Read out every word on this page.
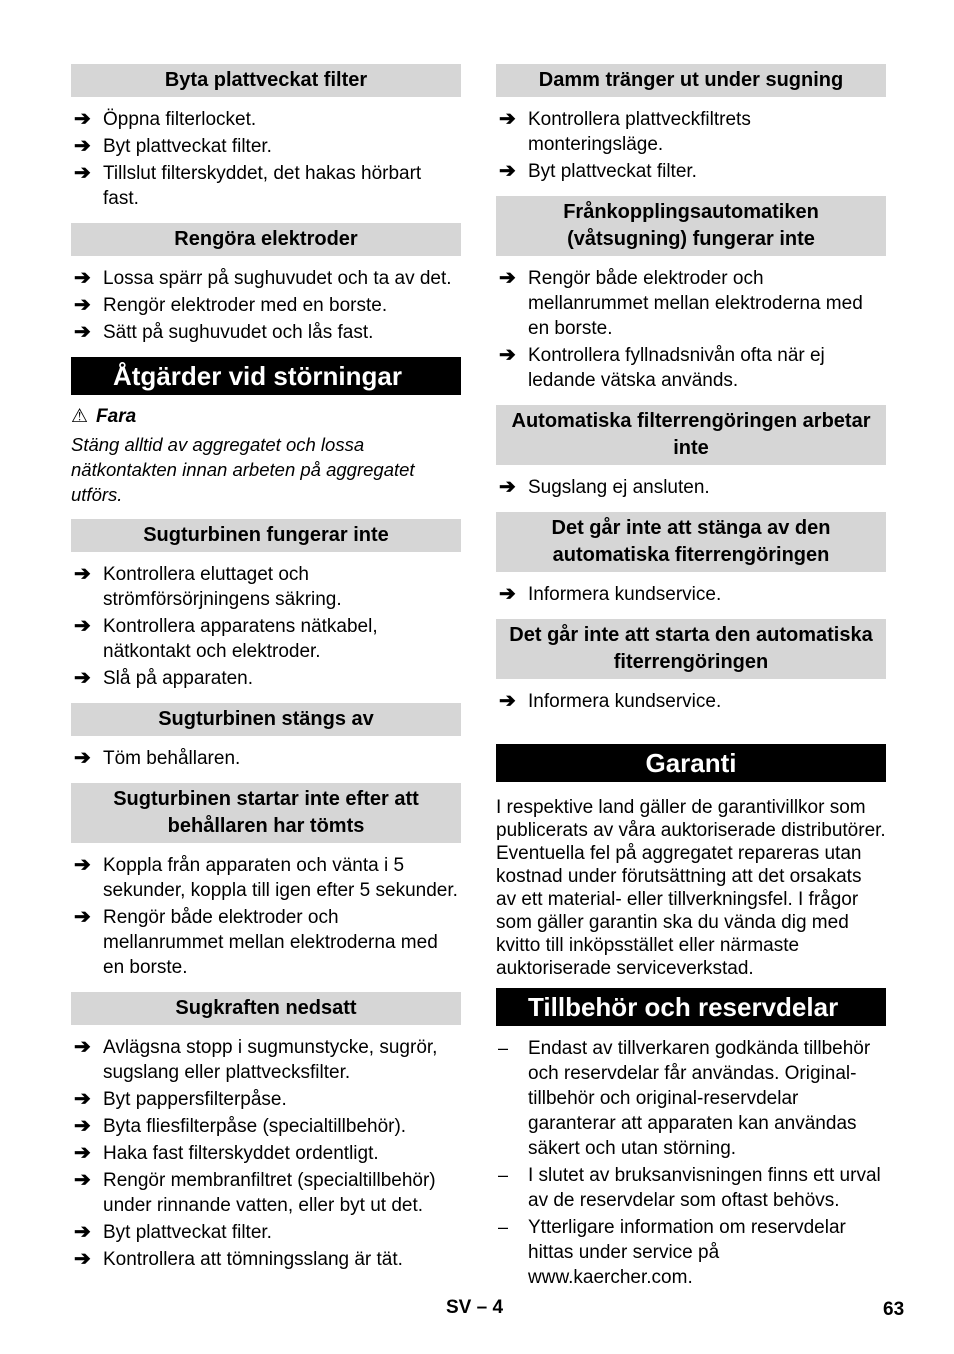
Byta plattveckat filter
➔ Öppna filterlocket.
➔ Byt plattveckat filter.
➔ Tillslut filterskyddet, det hakas hörbart fast.
Rengöra elektroder
➔ Lossa spärr på sughuvudet och ta av det.
➔ Rengör elektroder med en borste.
➔ Sätt på sughuvudet och lås fast.
Åtgärder vid störningar
⚠ Fara
Stäng alltid av aggregatet och lossa nätkontakten innan arbeten på aggregatet utförs.
Sugturbinen fungerar inte
➔ Kontrollera eluttaget och strömförsörjningens säkring.
➔ Kontrollera apparatens nätkabel, nätkontakt och elektroder.
➔ Slå på apparaten.
Sugturbinen stängs av
➔ Töm behållaren.
Sugturbinen startar inte efter att behållaren har tömts
➔ Koppla från apparaten och vänta i 5 sekunder, koppla till igen efter 5 sekunder.
➔ Rengör både elektroder och mellanrummet mellan elektroderna med en borste.
Sugkraften nedsatt
➔ Avlägsna stopp i sugmunstycke, sugrör, sugslang eller plattvecksfilter.
➔ Byt pappersfilterpåse.
➔ Byta fliesfilterpåse (specialtillbehör).
➔ Haka fast filterskyddet ordentligt.
➔ Rengör membranfiltret (specialtillbehör) under rinnande vatten, eller byt ut det.
➔ Byt plattveckat filter.
➔ Kontrollera att tömningsslang är tät.
Damm tränger ut under sugning
➔ Kontrollera plattveckfiltrets monteringsläge.
➔ Byt plattveckat filter.
Frånkopplingsautomatiken (våtsugning) fungerar inte
➔ Rengör både elektroder och mellanrummet mellan elektroderna med en borste.
➔ Kontrollera fyllnadsnivån ofta när ej ledande vätska används.
Automatiska filterrengöringen arbetar inte
➔ Sugslang ej ansluten.
Det går inte att stänga av den automatiska fiterrengöringen
➔ Informera kundservice.
Det går inte att starta den automatiska fiterrengöringen
➔ Informera kundservice.
Garanti
I respektive land gäller de garantivillkor som publicerats av våra auktoriserade distributörer. Eventuella fel på aggregatet repareras utan kostnad under förutsättning att det orsakats av ett material- eller tillverkningsfel. I frågor som gäller garantin ska du vända dig med kvitto till inköpsstället eller närmaste auktoriserade serviceverkstad.
Tillbehör och reservdelar
– Endast av tillverkaren godkända tillbehör och reservdelar får användas. Original-tillbehör och original-reservdelar garanterar att apparaten kan användas säkert och utan störning.
– I slutet av bruksanvisningen finns ett urval av de reservdelar som oftast behövs.
– Ytterligare information om reservdelar hittas under service på www.kaercher.com.
SV – 4	63
